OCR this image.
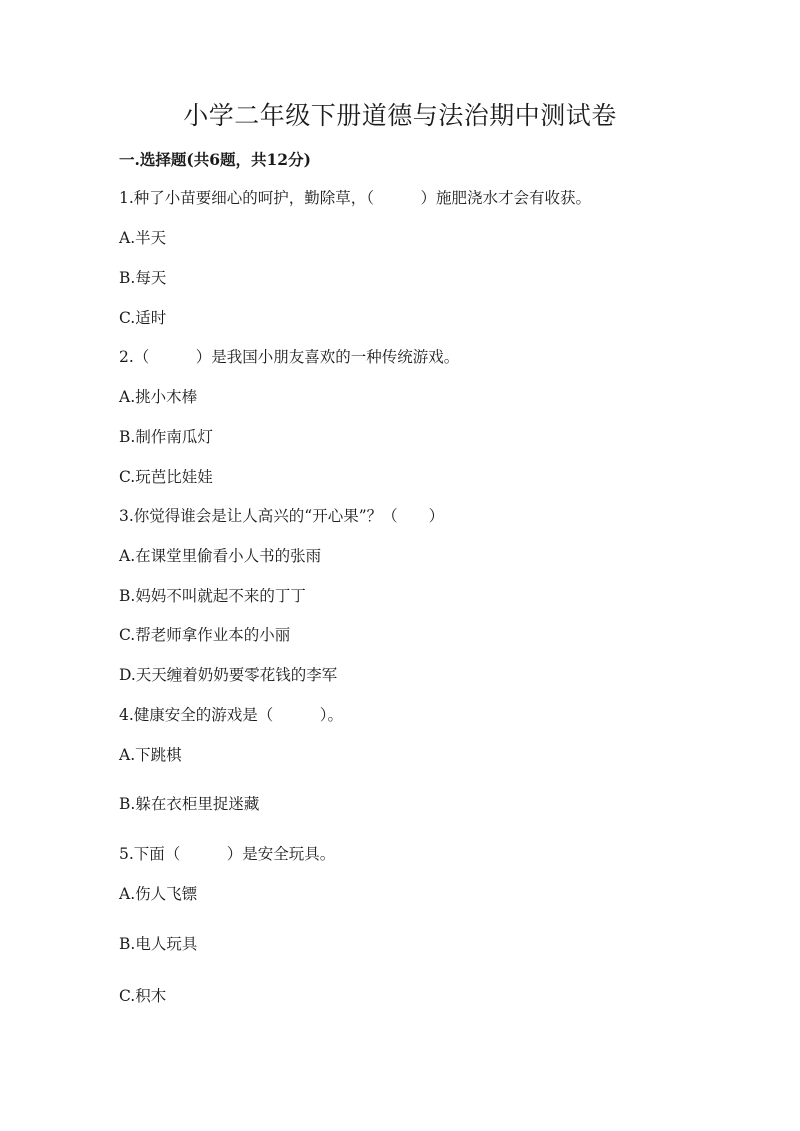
小学二年级下册道德与法治期中测试卷
一.选择题(共6题，共12分)
1.种了小苗要细心的呵护，勤除草，（　　　）施肥浇水才会有收获。
A.半天
B.每天
C.适时
2.（　　　）是我国小朋友喜欢的一种传统游戏。
A.挑小木棒
B.制作南瓜灯
C.玩芭比娃娃
3.你觉得谁会是让人高兴的“开心果”？（　　）
A.在课堂里偷看小人书的张雨
B.妈妈不叫就起不来的丁丁
C.帮老师拿作业本的小丽
D.天天缠着奶奶要零花钱的李军
4.健康安全的游戏是（　　　）。
A.下跳棋
B.躲在衣柜里捉迷藏
5.下面（　　　）是安全玩具。
A.伤人飞镖
B.电人玩具
C.积木
